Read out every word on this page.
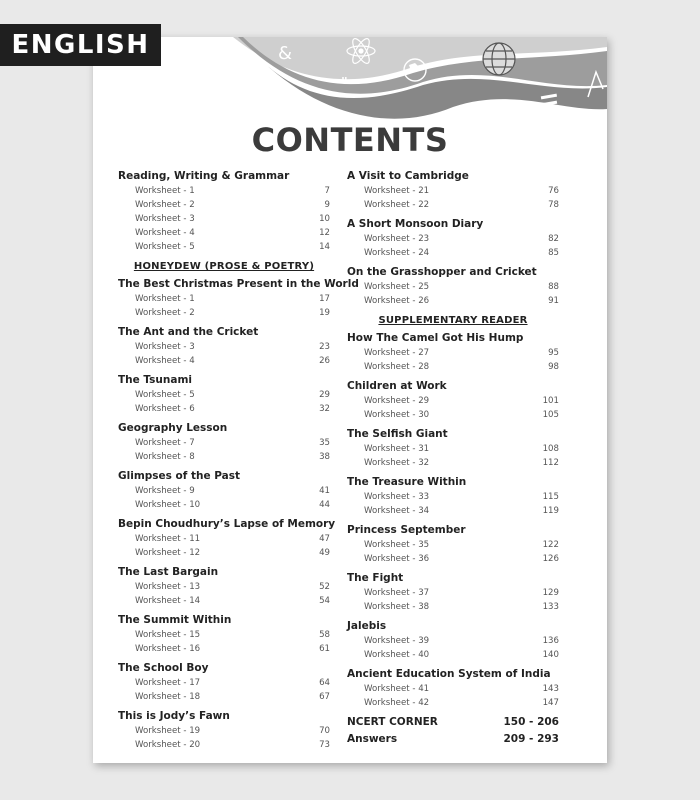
ENGLISH	&
"
CONTENTS
Reading, Writing & Grammar
Worksheet - 1	7
Worksheet - 2	9
Worksheet - 3	10
Worksheet - 4	12
Worksheet - 5	14
HONEYDEW (PROSE & POETRY)
The Best Christmas Present in the World
Worksheet - 1	17
Worksheet - 2	19
The Ant and the Cricket
Worksheet - 3	23
Worksheet - 4	26
The Tsunami
Worksheet - 5	29
Worksheet - 6	32
Geography Lesson
Worksheet - 7	35
Worksheet - 8	38
Glimpses of the Past
Worksheet - 9	41
Worksheet - 10	44
Bepin Choudhury’s Lapse of Memory
Worksheet - 11	47
Worksheet - 12	49
The Last Bargain
Worksheet - 13	52
Worksheet - 14	54
The Summit Within
Worksheet - 15	58
Worksheet - 16	61
The School Boy
Worksheet - 17	64
Worksheet - 18	67
This is Jody’s Fawn
Worksheet - 19	70
Worksheet - 20	73
A Visit to Cambridge
Worksheet - 21	76
Worksheet - 22	78
A Short Monsoon Diary
Worksheet - 23	82
Worksheet - 24	85
On the Grasshopper and Cricket
Worksheet - 25	88
Worksheet - 26	91
SUPPLEMENTARY READER
How The Camel Got His Hump
Worksheet - 27	95
Worksheet - 28	98
Children at Work
Worksheet - 29	101
Worksheet - 30	105
The Selfish Giant
Worksheet - 31	108
Worksheet - 32	112
The Treasure Within
Worksheet - 33	115
Worksheet - 34	119
Princess September
Worksheet - 35	122
Worksheet - 36	126
The Fight
Worksheet - 37	129
Worksheet - 38	133
Jalebis
Worksheet - 39	136
Worksheet - 40	140
Ancient Education System of India
Worksheet - 41	143
Worksheet - 42	147
NCERT CORNER	150 - 206
Answers	209 - 293
